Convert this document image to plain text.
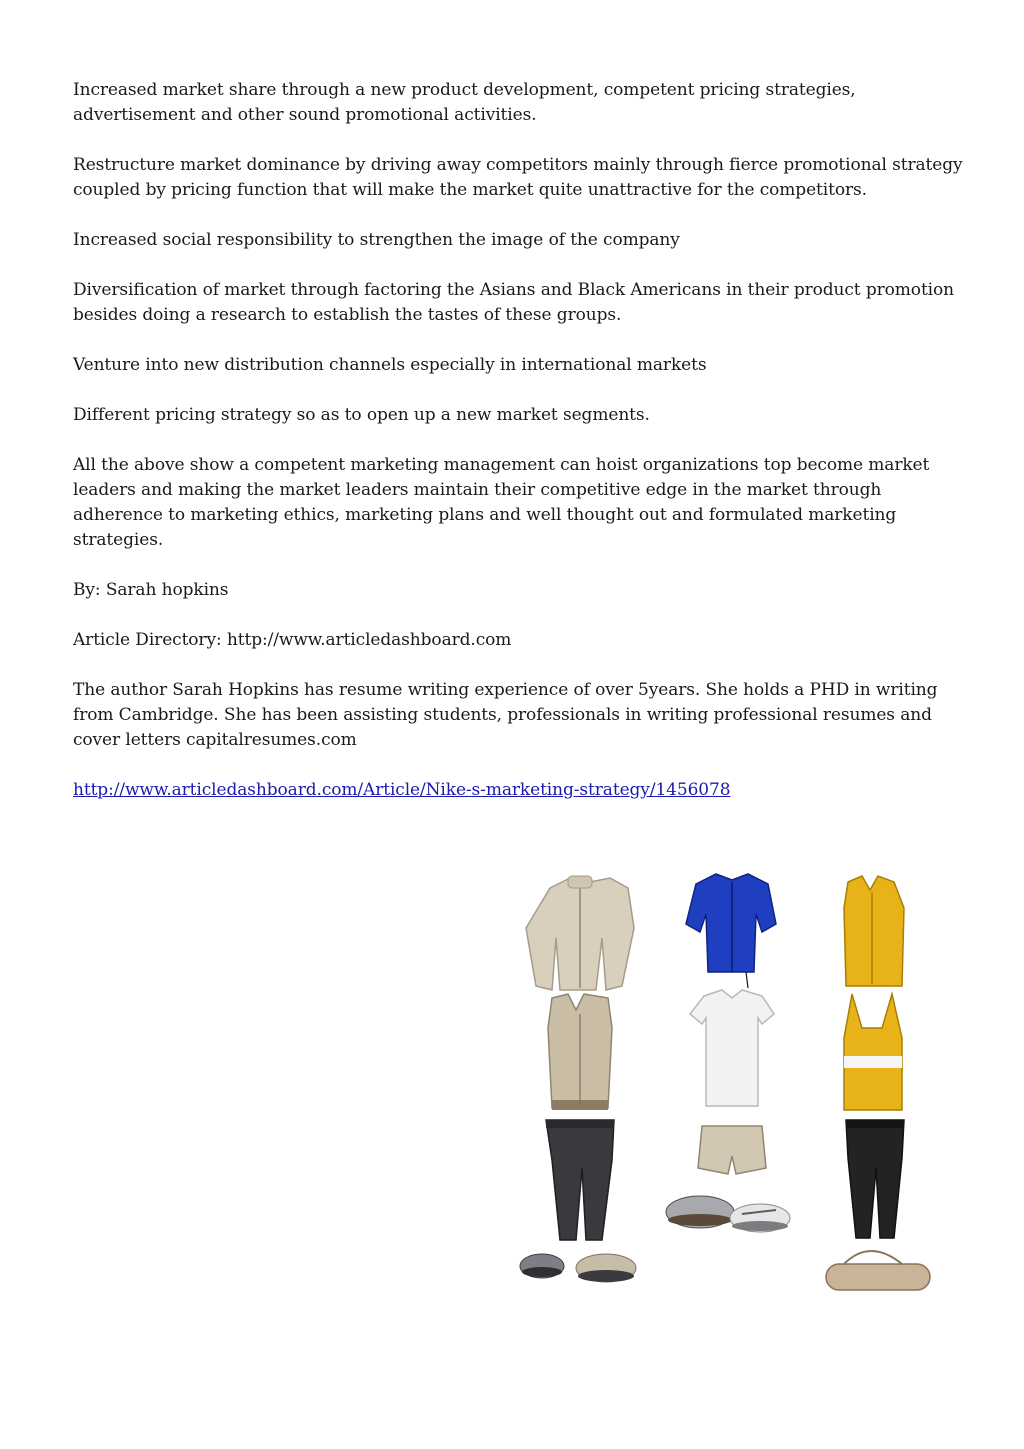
Increased market share through a new product development, competent pricing strategies, advertisement and other sound promotional activities.

Restructure market dominance by driving away competitors mainly through fierce promotional strategy coupled by pricing function that will make the market quite unattractive for the competitors.

Increased social responsibility to strengthen the image of the company

Diversification of market through factoring the Asians and Black Americans in their product promotion besides doing a research to establish the tastes of these groups.

Venture into new distribution channels especially in international markets

Different pricing strategy so as to open up a new market segments.

All the above show a competent marketing management can hoist organizations top become market leaders and making the market leaders maintain their competitive edge in the market through adherence to marketing ethics, marketing plans and well thought out and formulated marketing strategies.

By: Sarah hopkins

Article Directory: http://www.articledashboard.com

The author Sarah Hopkins has resume writing experience of over 5years. She holds a PHD in writing from Cambridge. She has been assisting students, professionals in writing professional resumes and cover letters capitalresumes.com

http://www.articledashboard.com/Article/Nike-s-marketing-strategy/1456078
